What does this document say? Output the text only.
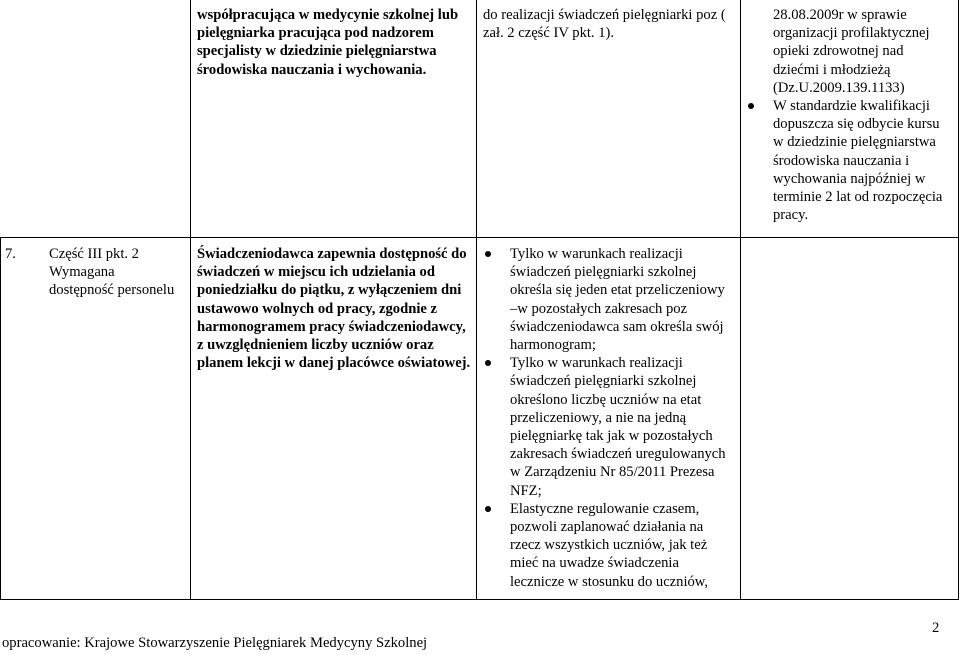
współpracująca w medycynie szkolnej lub pielęgniarka pracująca pod nadzorem specjalisty w dziedzinie pielęgniarstwa środowiska nauczania i wychowania.
do realizacji świadczeń pielęgniarki poz ( zał. 2 część IV pkt. 1).
28.08.2009r w sprawie organizacji profilaktycznej opieki zdrowotnej nad dziećmi i młodzieżą (Dz.U.2009.139.1133)
W standardzie kwalifikacji dopuszcza się odbycie kursu w dziedzinie pielęgniarstwa środowiska nauczania i wychowania najpóźniej w terminie 2 lat od rozpoczęcia pracy.
7.	Część III pkt. 2 Wymagana dostępność personelu
Świadczeniodawca zapewnia dostępność do świadczeń w miejscu ich udzielania od poniedziałku do piątku, z wyłączeniem dni ustawowo wolnych od pracy, zgodnie z harmonogramem pracy świadczeniodawcy, z uwzględnieniem liczby uczniów oraz planem lekcji w danej placówce oświatowej.
Tylko w warunkach realizacji świadczeń pielęgniarki szkolnej określa się jeden etat przeliczeniowy –w pozostałych zakresach poz świadczeniodawca sam określa swój harmonogram;
Tylko w warunkach realizacji świadczeń pielęgniarki szkolnej określono liczbę uczniów na etat przeliczeniowy, a nie na jedną pielęgniarkę tak jak w pozostałych zakresach świadczeń uregulowanych w Zarządzeniu Nr 85/2011 Prezesa NFZ;
Elastyczne regulowanie czasem, pozwoli zaplanować działania na rzecz wszystkich uczniów, jak też mieć na uwadze świadczenia lecznicze w stosunku do uczniów,
opracowanie: Krajowe Stowarzyszenie Pielęgniarek Medycyny Szkolnej
2
